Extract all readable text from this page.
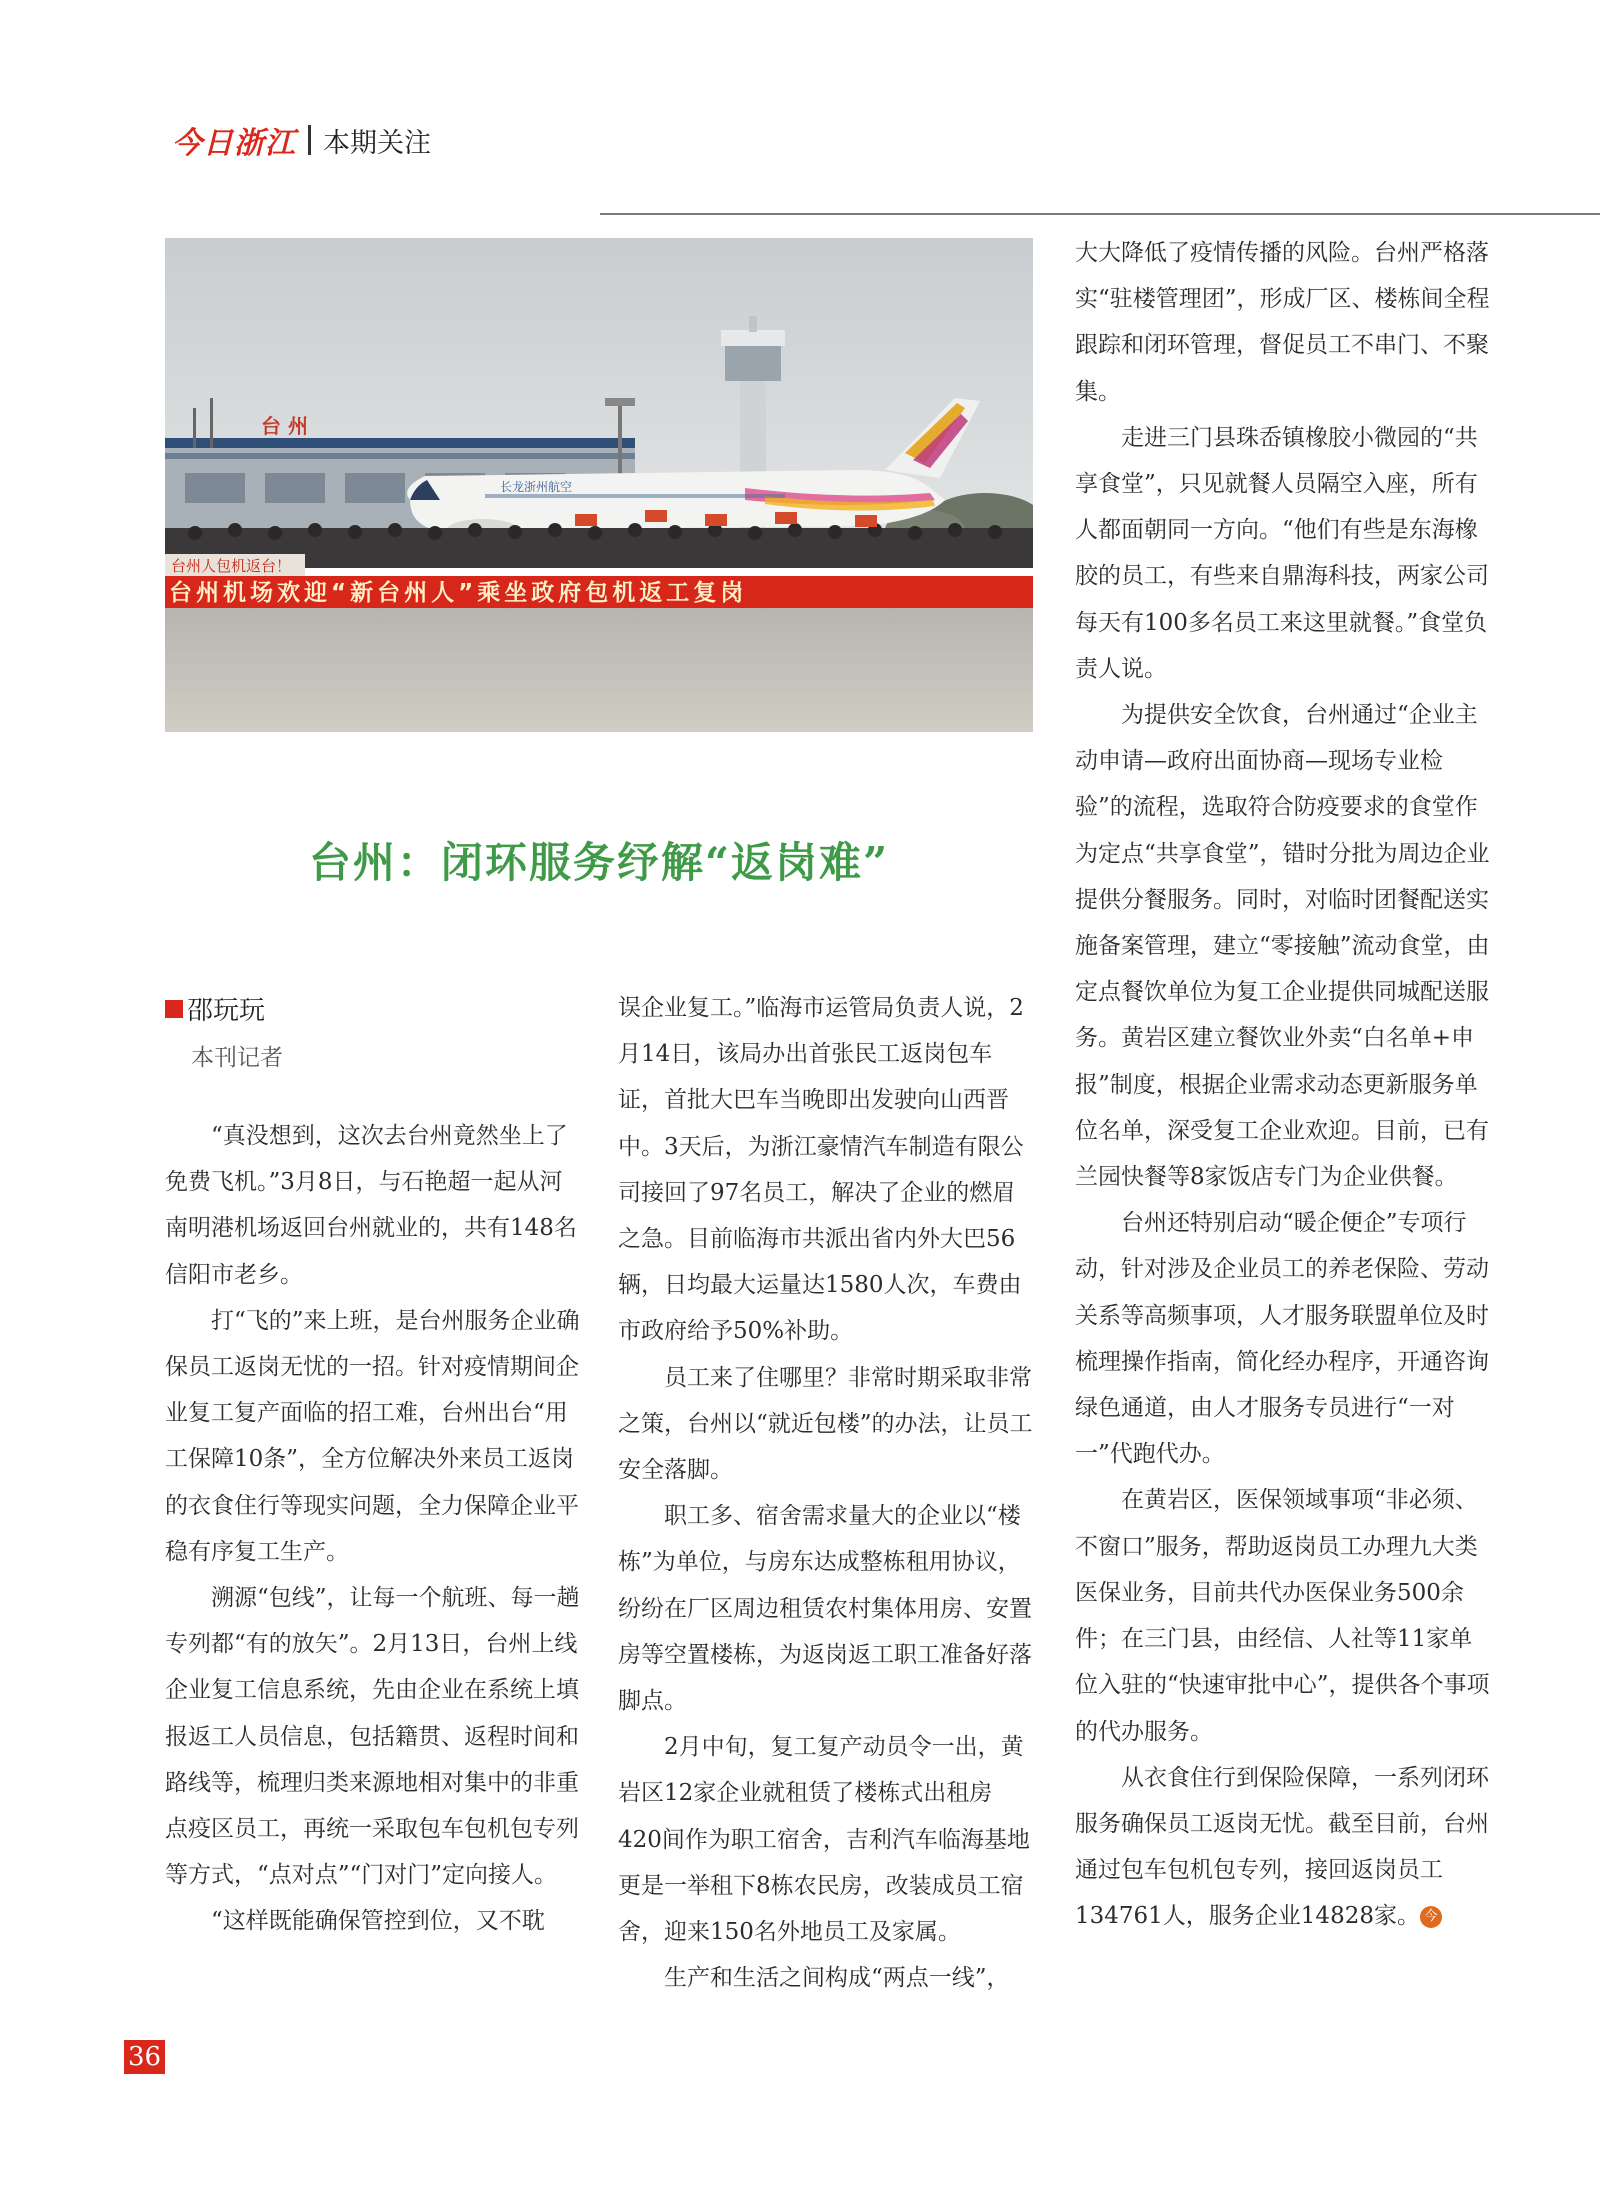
今日浙江 本期关注
台 州
长龙浙州航空
台州人包机返台！
台州机场欢迎“新台州人”乘坐政府包机返工复岗
台州：闭环服务纾解“返岗难”
邵玩玩
本刊记者

“真没想到，这次去台州竟然坐上了免费飞机。”3月8日，与石艳超一起从河南明港机场返回台州就业的，共有148名信阳市老乡。

打“飞的”来上班，是台州服务企业确保员工返岗无忧的一招。针对疫情期间企业复工复产面临的招工难，台州出台“用工保障10条”，全方位解决外来员工返岗的衣食住行等现实问题，全力保障企业平稳有序复工生产。

溯源“包线”，让每一个航班、每一趟专列都“有的放矢”。2月13日，台州上线企业复工信息系统，先由企业在系统上填报返工人员信息，包括籍贯、返程时间和路线等，梳理归类来源地相对集中的非重点疫区员工，再统一采取包车包机包专列等方式，“点对点”“门对门”定向接人。

“这样既能确保管控到位，又不耽

误企业复工。”临海市运管局负责人说，2月14日，该局办出首张民工返岗包车证，首批大巴车当晚即出发驶向山西晋中。3天后，为浙江豪情汽车制造有限公司接回了97名员工，解决了企业的燃眉之急。目前临海市共派出省内外大巴56辆，日均最大运量达1580人次，车费由市政府给予50%补助。

员工来了住哪里？非常时期采取非常之策，台州以“就近包楼”的办法，让员工安全落脚。

职工多、宿舍需求量大的企业以“楼栋”为单位，与房东达成整栋租用协议，纷纷在厂区周边租赁农村集体用房、安置房等空置楼栋，为返岗返工职工准备好落脚点。

2月中旬，复工复产动员令一出，黄岩区12家企业就租赁了楼栋式出租房420间作为职工宿舍，吉利汽车临海基地更是一举租下8栋农民房，改装成员工宿舍，迎来150名外地员工及家属。

生产和生活之间构成“两点一线”，

大大降低了疫情传播的风险。台州严格落实“驻楼管理团”，形成厂区、楼栋间全程跟踪和闭环管理，督促员工不串门、不聚集。

走进三门县珠岙镇橡胶小微园的“共享食堂”，只见就餐人员隔空入座，所有人都面朝同一方向。“他们有些是东海橡胶的员工，有些来自鼎海科技，两家公司每天有100多名员工来这里就餐。”食堂负责人说。

为提供安全饮食，台州通过“企业主动申请—政府出面协商—现场专业检验”的流程，选取符合防疫要求的食堂作为定点“共享食堂”，错时分批为周边企业提供分餐服务。同时，对临时团餐配送实施备案管理，建立“零接触”流动食堂，由定点餐饮单位为复工企业提供同城配送服务。黄岩区建立餐饮业外卖“白名单+申报”制度，根据企业需求动态更新服务单位名单，深受复工企业欢迎。目前，已有兰园快餐等8家饭店专门为企业供餐。

台州还特别启动“暖企便企”专项行动，针对涉及企业员工的养老保险、劳动关系等高频事项，人才服务联盟单位及时梳理操作指南，简化经办程序，开通咨询绿色通道，由人才服务专员进行“一对一”代跑代办。

在黄岩区，医保领域事项“非必须、不窗口”服务，帮助返岗员工办理九大类医保业务，目前共代办医保业务500余件；在三门县，由经信、人社等11家单位入驻的“快速审批中心”，提供各个事项的代办服务。

从衣食住行到保险保障，一系列闭环服务确保员工返岗无忧。截至目前，台州通过包车包机包专列，接回返岗员工134761人，服务企业14828家。 今

36
